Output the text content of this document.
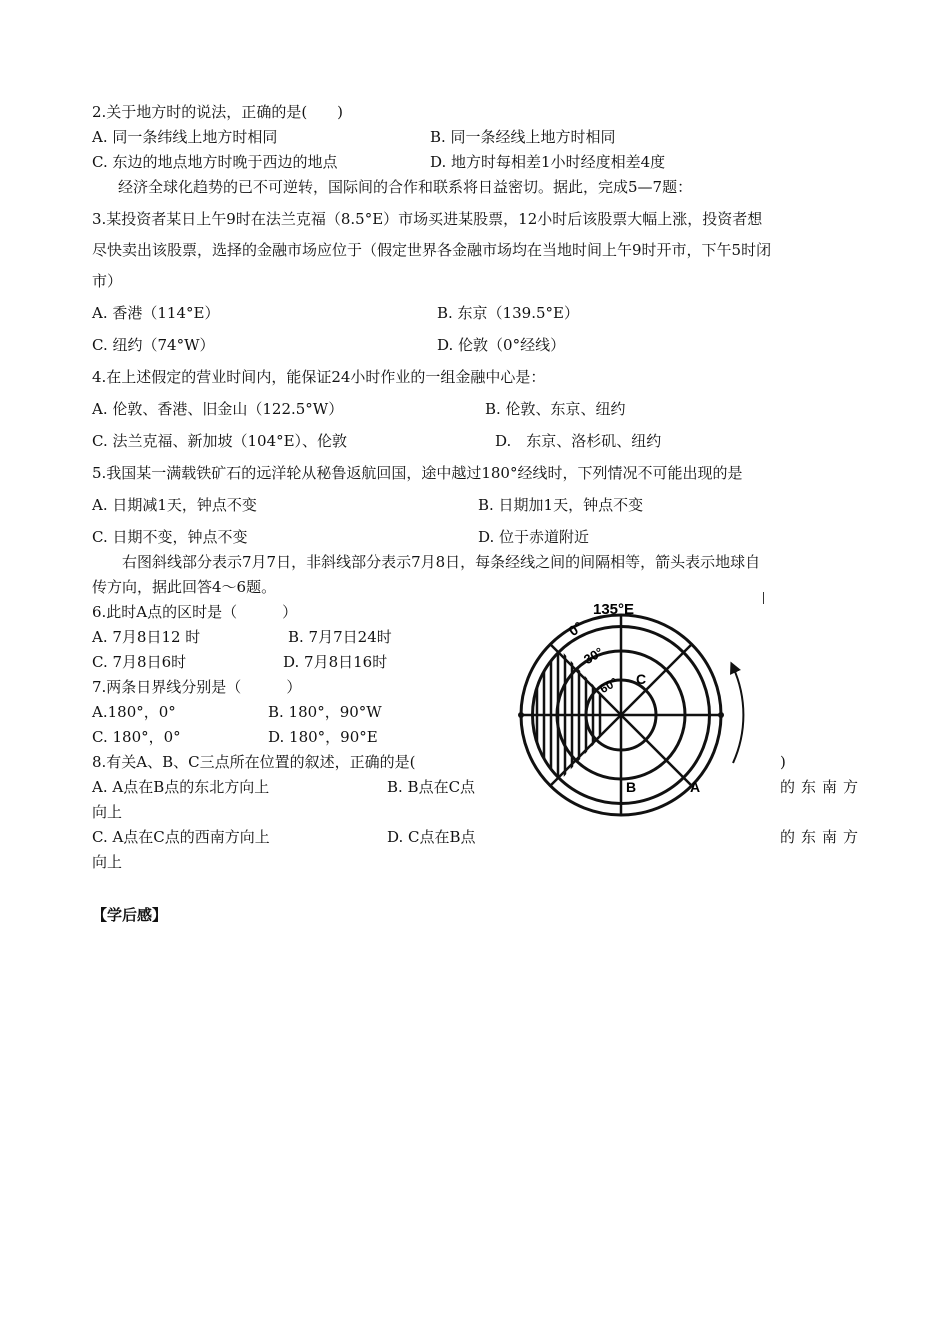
2.关于地方时的说法，正确的是(　　)
A. 同一条纬线上地方时相同	B. 同一条经线上地方时相同
C. 东边的地点地方时晚于西边的地点	D. 地方时每相差1小时经度相差4度
经济全球化趋势的已不可逆转，国际间的合作和联系将日益密切。据此，完成5—7题：
3.某投资者某日上午9时在法兰克福（8.5°E）市场买进某股票，12小时后该股票大幅上涨，投资者想
尽快卖出该股票，选择的金融市场应位于（假定世界各金融市场均在当地时间上午9时开市，下午5时闭
市）
A. 香港（114°E）	B. 东京（139.5°E）
C. 纽约（74°W）	D. 伦敦（0°经线）
4.在上述假定的营业时间内，能保证24小时作业的一组金融中心是：
A. 伦敦、香港、旧金山（122.5°W）	B. 伦敦、东京、纽约
C. 法兰克福、新加坡（104°E）、伦敦	D.　东京、洛杉矶、纽约
5.我国某一满载铁矿石的远洋轮从秘鲁返航回国，途中越过180°经线时，下列情况不可能出现的是
A. 日期减1天，钟点不变	B. 日期加1天，钟点不变
C. 日期不变，钟点不变	D. 位于赤道附近
右图斜线部分表示7月7日，非斜线部分表示7月8日，每条经线之间的间隔相等，箭头表示地球自
传方向，据此回答4～6题。
6.此时A点的区时是（　　　）
A. 7月8日12 时	B. 7月7日24时
C. 7月8日6时	D. 7月8日16时
7.两条日界线分别是（　　　）
A.180°，0°	B. 180°，90°W
C. 180°，0°	D. 180°，90°E
8.有关A、B、C三点所在位置的叙述，正确的是(	)
A. A点在B点的东北方向上	B. B点在C点	的东南方
向上
C. A点在C点的西南方向上	D. C点在B点	的东南方
向上
【学后感】
135°E
0°
30°
60° C
B	A
